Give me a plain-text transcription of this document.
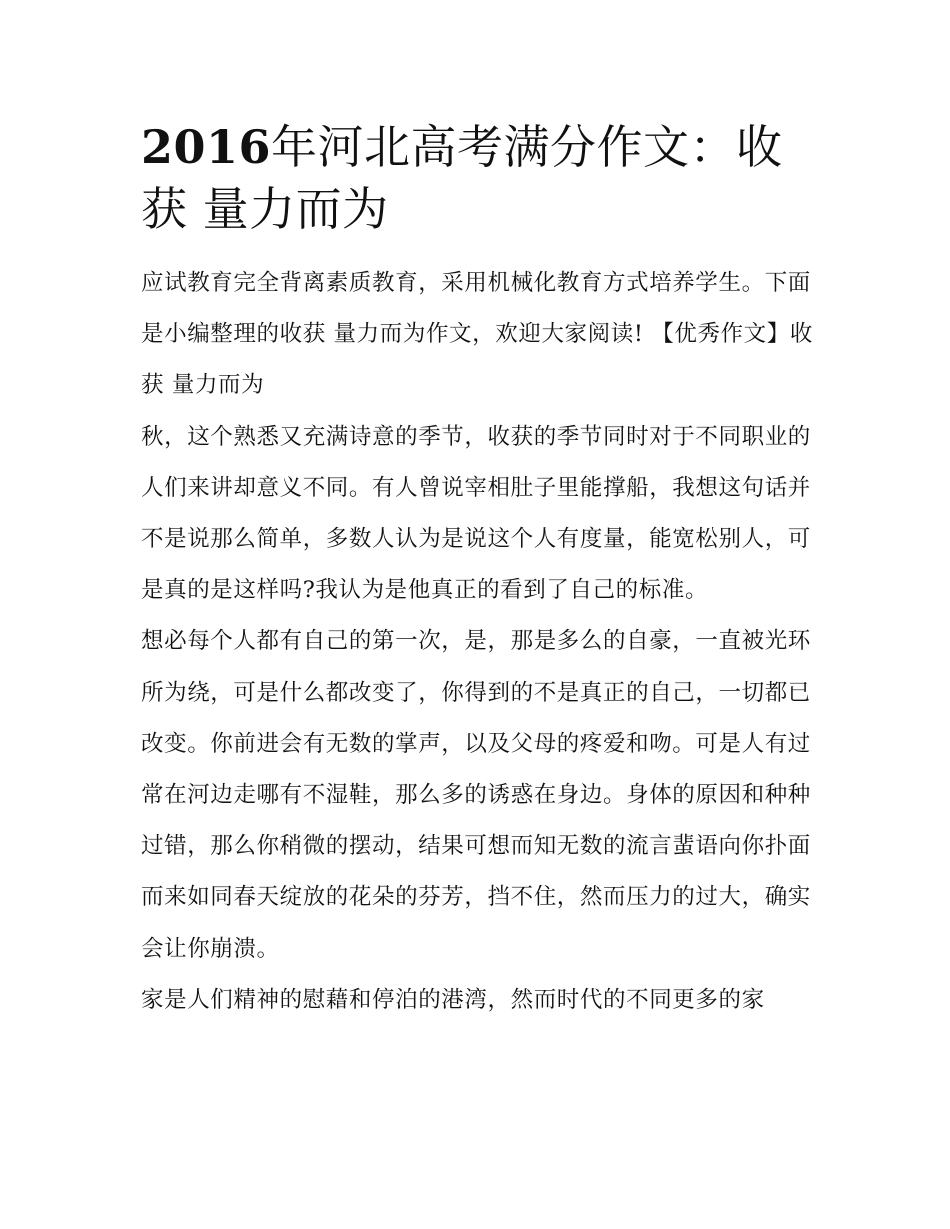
2016年河北高考满分作文：收获 量力而为

应试教育完全背离素质教育，采用机械化教育方式培养学生。下面是小编整理的收获 量力而为作文，欢迎大家阅读! 【优秀作文】收获 量力而为

秋，这个熟悉又充满诗意的季节，收获的季节同时对于不同职业的人们来讲却意义不同。有人曾说宰相肚子里能撑船，我想这句话并不是说那么简单，多数人认为是说这个人有度量，能宽松别人，可是真的是这样吗?我认为是他真正的看到了自己的标准。

想必每个人都有自己的第一次，是，那是多么的自豪，一直被光环所为绕，可是什么都改变了，你得到的不是真正的自己，一切都已改变。你前进会有无数的掌声，以及父母的疼爱和吻。可是人有过常在河边走哪有不湿鞋，那么多的诱惑在身边。身体的原因和种种过错，那么你稍微的摆动，结果可想而知无数的流言蜚语向你扑面而来如同春天绽放的花朵的芬芳，挡不住，然而压力的过大，确实会让你崩溃。

家是人们精神的慰藉和停泊的港湾，然而时代的不同更多的家
